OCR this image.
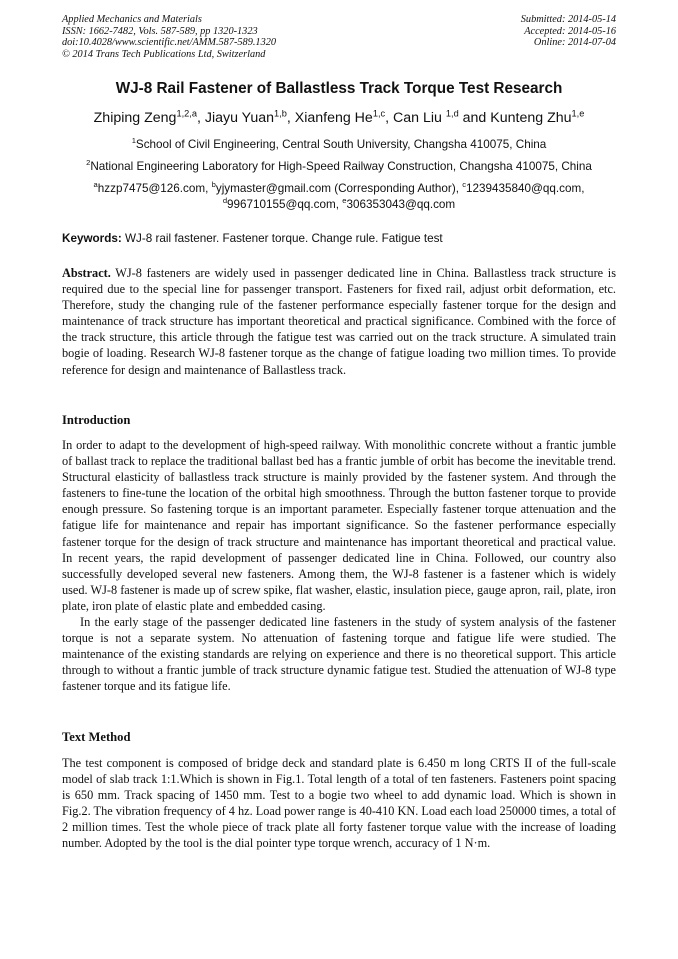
Applied Mechanics and Materials
ISSN: 1662-7482, Vols. 587-589, pp 1320-1323
doi:10.4028/www.scientific.net/AMM.587-589.1320
© 2014 Trans Tech Publications Ltd, Switzerland
Submitted: 2014-05-14
Accepted: 2014-05-16
Online: 2014-07-04
WJ-8 Rail Fastener of Ballastless Track Torque Test Research
Zhiping Zeng$^{1,2,a}$, Jiayu Yuan$^{1,b}$, Xianfeng He$^{1,c}$, Can Liu $^{1,d}$ and Kunteng Zhu$^{1,e}$
$^1$School of Civil Engineering, Central South University, Changsha 410075, China
$^2$National Engineering Laboratory for High-Speed Railway Construction, Changsha 410075, China
$^a$hzzp7475@126.com, $^b$yjymaster@gmail.com (Corresponding Author), $^c$1239435840@qq.com,
$^d$996710155@qq.com, $^e$306353043@qq.com
Keywords: WJ-8 rail fastener. Fastener torque. Change rule. Fatigue test

Abstract. WJ-8 fasteners are widely used in passenger dedicated line in China. Ballastless track structure is required due to the special line for passenger transport. Fasteners for fixed rail, adjust orbit deformation, etc. Therefore, study the changing rule of the fastener performance especially fastener torque for the design and maintenance of track structure has important theoretical and practical significance. Combined with the force of the track structure, this article through the fatigue test was carried out on the track structure. A simulated train bogie of loading. Research WJ-8 fastener torque as the change of fatigue loading two million times. To provide reference for design and maintenance of Ballastless track.

Introduction

In order to adapt to the development of high-speed railway. With monolithic concrete without a frantic jumble of ballast track to replace the traditional ballast bed has a frantic jumble of orbit has become the inevitable trend. Structural elasticity of ballastless track structure is mainly provided by the fastener system. And through the fasteners to fine-tune the location of the orbital high smoothness. Through the button fastener torque to provide enough pressure. So fastening torque is an important parameter. Especially fastener torque attenuation and the fatigue life for maintenance and repair has important significance. So the fastener performance especially fastener torque for the design of track structure and maintenance has important theoretical and practical value. In recent years, the rapid development of passenger dedicated line in China. Followed, our country also successfully developed several new fasteners. Among them, the WJ-8 fastener is a fastener which is widely used. WJ-8 fastener is made up of screw spike, flat washer, elastic, insulation piece, gauge apron, rail, plate, iron plate, iron plate of elastic plate and embedded casing.

In the early stage of the passenger dedicated line fasteners in the study of system analysis of the fastener torque is not a separate system. No attenuation of fastening torque and fatigue life were studied. The maintenance of the existing standards are relying on experience and there is no theoretical support. This article through to without a frantic jumble of track structure dynamic fatigue test. Studied the attenuation of WJ-8 type fastener torque and its fatigue life.

Text Method

The test component is composed of bridge deck and standard plate is 6.450 m long CRTS II of the full-scale model of slab track 1:1.Which is shown in Fig.1. Total length of a total of ten fasteners. Fasteners point spacing is 650 mm. Track spacing of 1450 mm. Test to a bogie two wheel to add dynamic load. Which is shown in Fig.2. The vibration frequency of 4 hz. Load power range is 40-410 KN. Load each load 250000 times, a total of 2 million times. Test the whole piece of track plate all forty fastener torque value with the increase of loading number. Adopted by the tool is the dial pointer type torque wrench, accuracy of 1 N·m.
